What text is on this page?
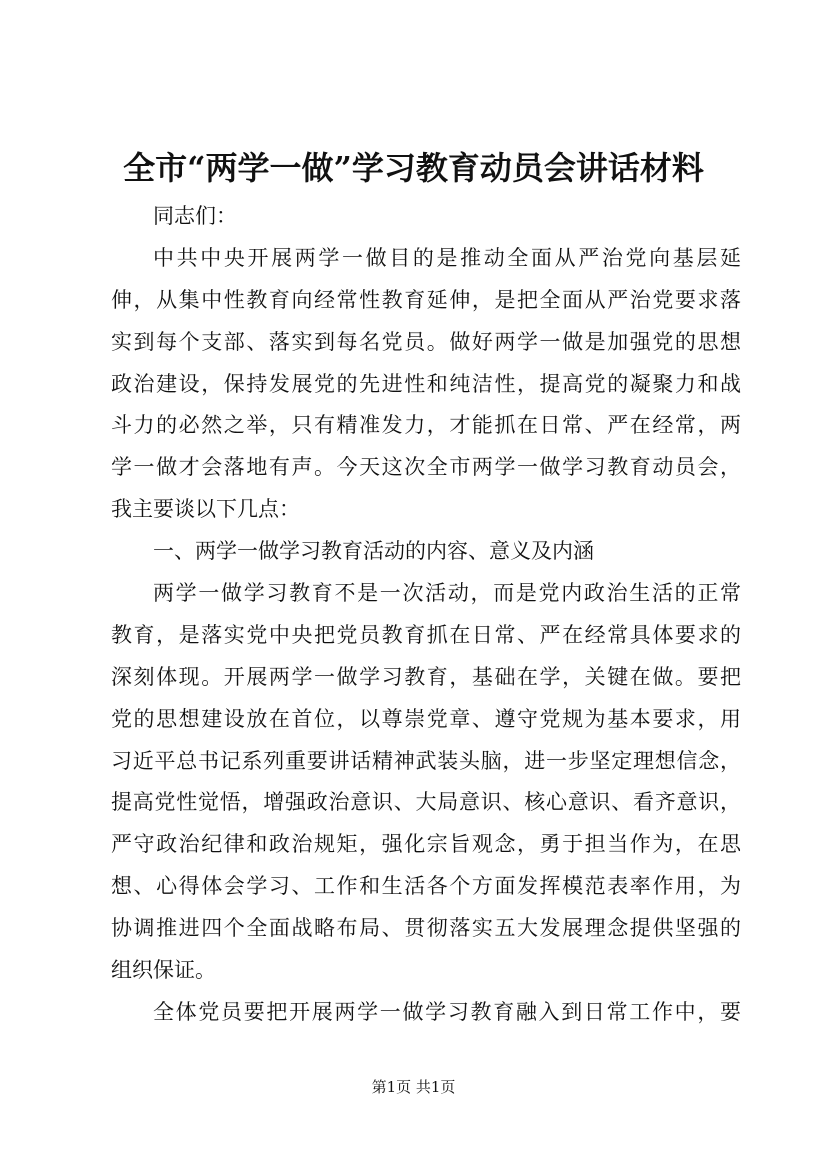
全市“两学一做”学习教育动员会讲话材料
同志们：
中共中央开展两学一做目的是推动全面从严治党向基层延
伸，从集中性教育向经常性教育延伸，是把全面从严治党要求落
实到每个支部、落实到每名党员。做好两学一做是加强党的思想
政治建设，保持发展党的先进性和纯洁性，提高党的凝聚力和战
斗力的必然之举，只有精准发力，才能抓在日常、严在经常，两
学一做才会落地有声。今天这次全市两学一做学习教育动员会，
我主要谈以下几点：
一、两学一做学习教育活动的内容、意义及内涵
两学一做学习教育不是一次活动，而是党内政治生活的正常
教育，是落实党中央把党员教育抓在日常、严在经常具体要求的
深刻体现。开展两学一做学习教育，基础在学，关键在做。要把
党的思想建设放在首位，以尊崇党章、遵守党规为基本要求，用
习近平总书记系列重要讲话精神武装头脑，进一步坚定理想信念，
提高党性觉悟，增强政治意识、大局意识、核心意识、看齐意识，
严守政治纪律和政治规矩，强化宗旨观念，勇于担当作为，在思
想、心得体会学习、工作和生活各个方面发挥模范表率作用，为
协调推进四个全面战略布局、贯彻落实五大发展理念提供坚强的
组织保证。
全体党员要把开展两学一做学习教育融入到日常工作中，要
第1页 共1页
